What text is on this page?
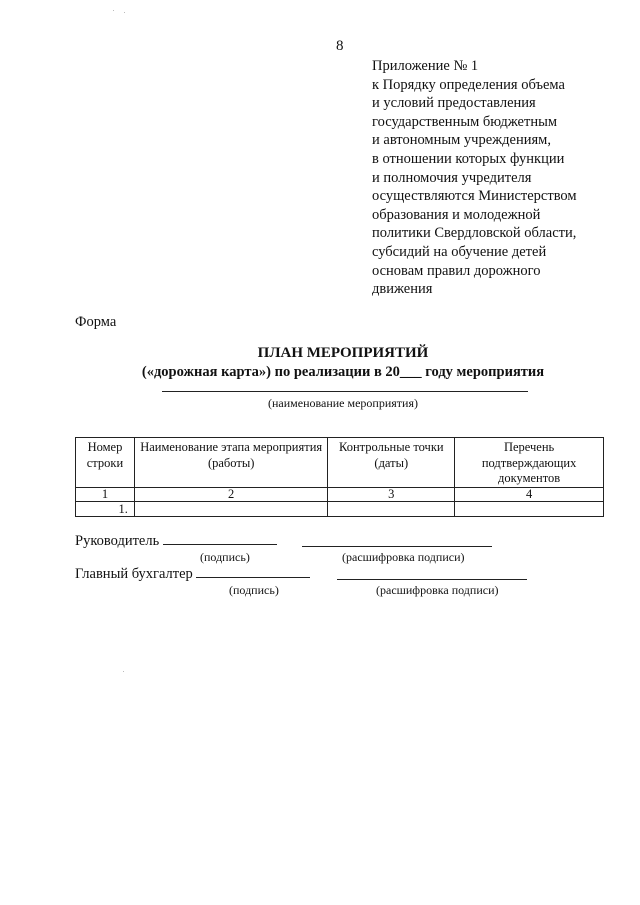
8
Приложение № 1
к Порядку определения объема
и условий предоставления
государственным бюджетным
и автономным учреждениям,
в отношении которых функции
и полномочия учредителя
осуществляются Министерством
образования и молодежной
политики Свердловской области,
субсидий на обучение детей
основам правил дорожного
движения
Форма
ПЛАН МЕРОПРИЯТИЙ
(«дорожная карта») по реализации в 20___ году мероприятия
(наименование мероприятия)
Номер строки	Наименование этапа мероприятия (работы)	Контрольные точки (даты)	Перечень подтверждающих документов
1	2	3	4
1.			
Руководитель
(подпись)	(расшифровка подписи)
Главный бухгалтер
(подпись)	(расшифровка подписи)
